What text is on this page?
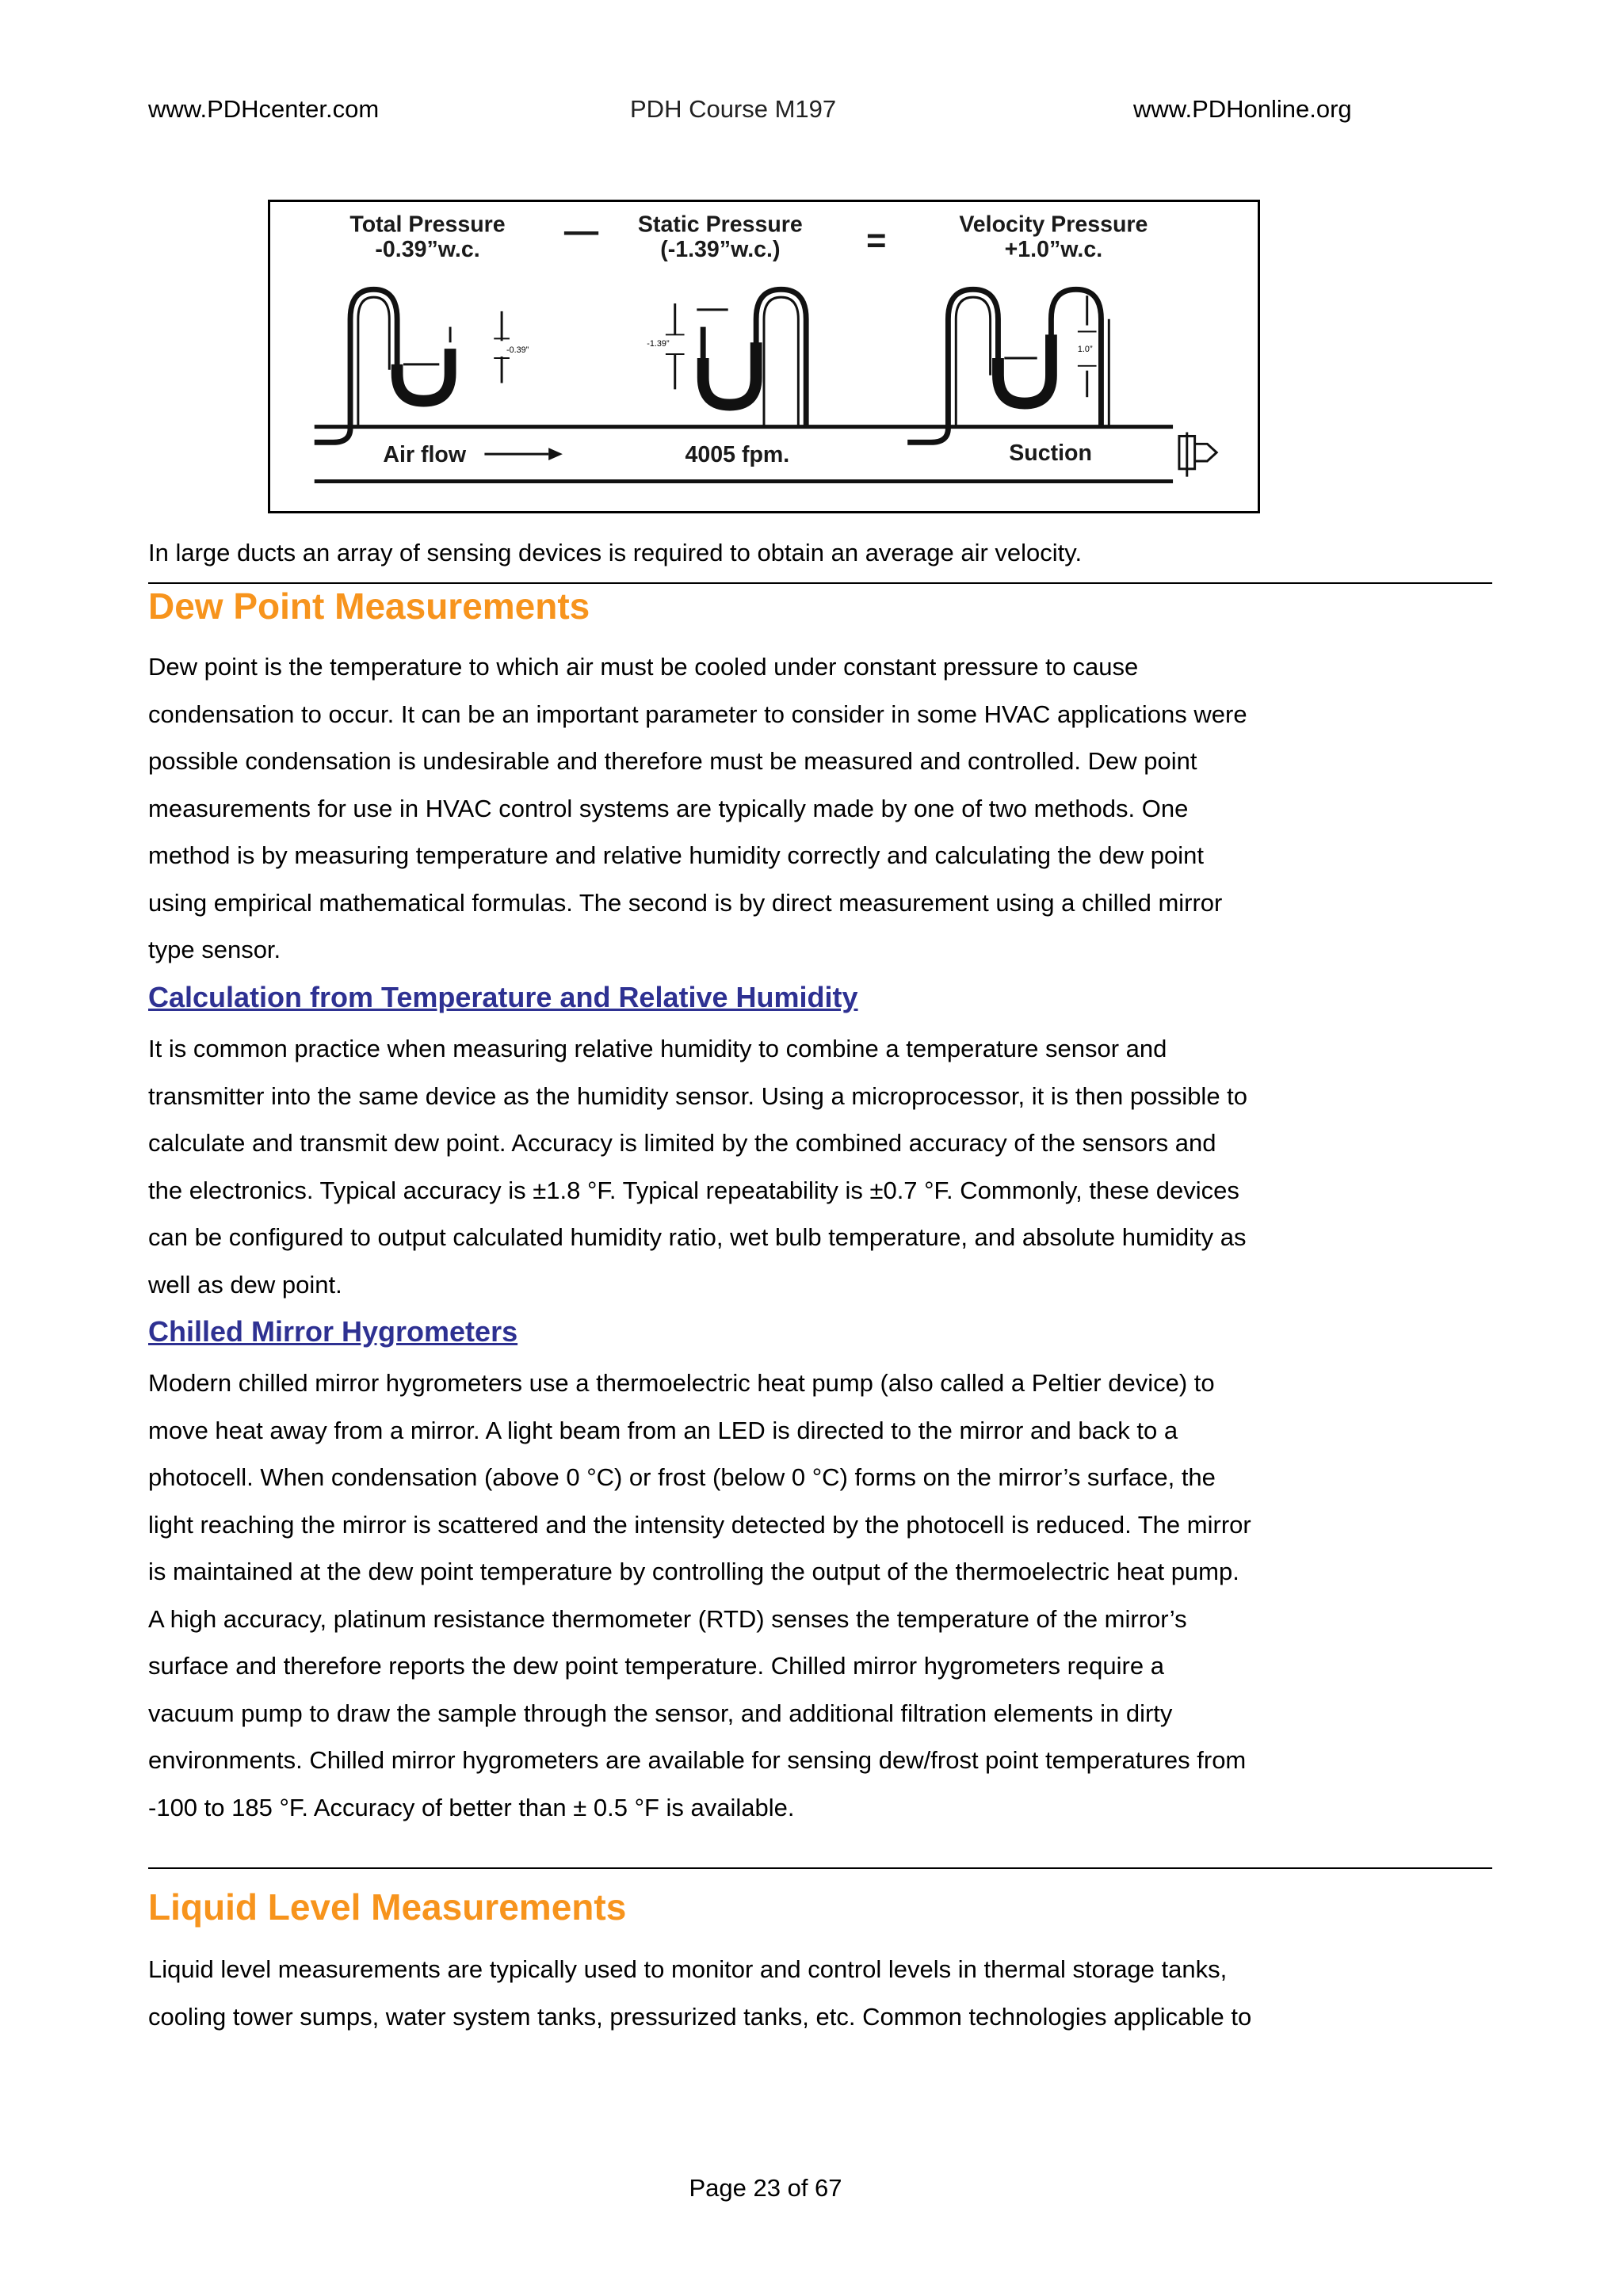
www.PDHcenter.com	PDH Course M197	www.PDHonline.org
Total Pressure
-0.39”w.c. — Static Pressure
(-1.39”w.c.) =	Velocity Pressure
+1.0”w.c.
-0.39”
-1.39”
1.0”
Air flow	4005 fpm.	Suction
In large ducts an array of sensing devices is required to obtain an average air velocity.
Dew Point Measurements
Dew point is the temperature to which air must be cooled under constant pressure to cause
condensation to occur. It can be an important parameter to consider in some HVAC applications were
possible condensation is undesirable and therefore must be measured and controlled. Dew point
measurements for use in HVAC control systems are typically made by one of two methods. One
method is by measuring temperature and relative humidity correctly and calculating the dew point
using empirical mathematical formulas. The second is by direct measurement using a chilled mirror
type sensor.
Calculation from Temperature and Relative Humidity
It is common practice when measuring relative humidity to combine a temperature sensor and
transmitter into the same device as the humidity sensor. Using a microprocessor, it is then possible to
calculate and transmit dew point. Accuracy is limited by the combined accuracy of the sensors and
the electronics. Typical accuracy is ±1.8 °F. Typical repeatability is ±0.7 °F. Commonly, these devices
can be configured to output calculated humidity ratio, wet bulb temperature, and absolute humidity as
well as dew point.
Chilled Mirror Hygrometers
Modern chilled mirror hygrometers use a thermoelectric heat pump (also called a Peltier device) to
move heat away from a mirror. A light beam from an LED is directed to the mirror and back to a
photocell. When condensation (above 0 °C) or frost (below 0 °C) forms on the mirror’s surface, the
light reaching the mirror is scattered and the intensity detected by the photocell is reduced. The mirror
is maintained at the dew point temperature by controlling the output of the thermoelectric heat pump.
A high accuracy, platinum resistance thermometer (RTD) senses the temperature of the mirror’s
surface and therefore reports the dew point temperature. Chilled mirror hygrometers require a
vacuum pump to draw the sample through the sensor, and additional filtration elements in dirty
environments. Chilled mirror hygrometers are available for sensing dew/frost point temperatures from
-100 to 185 °F. Accuracy of better than ± 0.5 °F is available.
Liquid Level Measurements
Liquid level measurements are typically used to monitor and control levels in thermal storage tanks,
cooling tower sumps, water system tanks, pressurized tanks, etc. Common technologies applicable to
Page 23 of 67
